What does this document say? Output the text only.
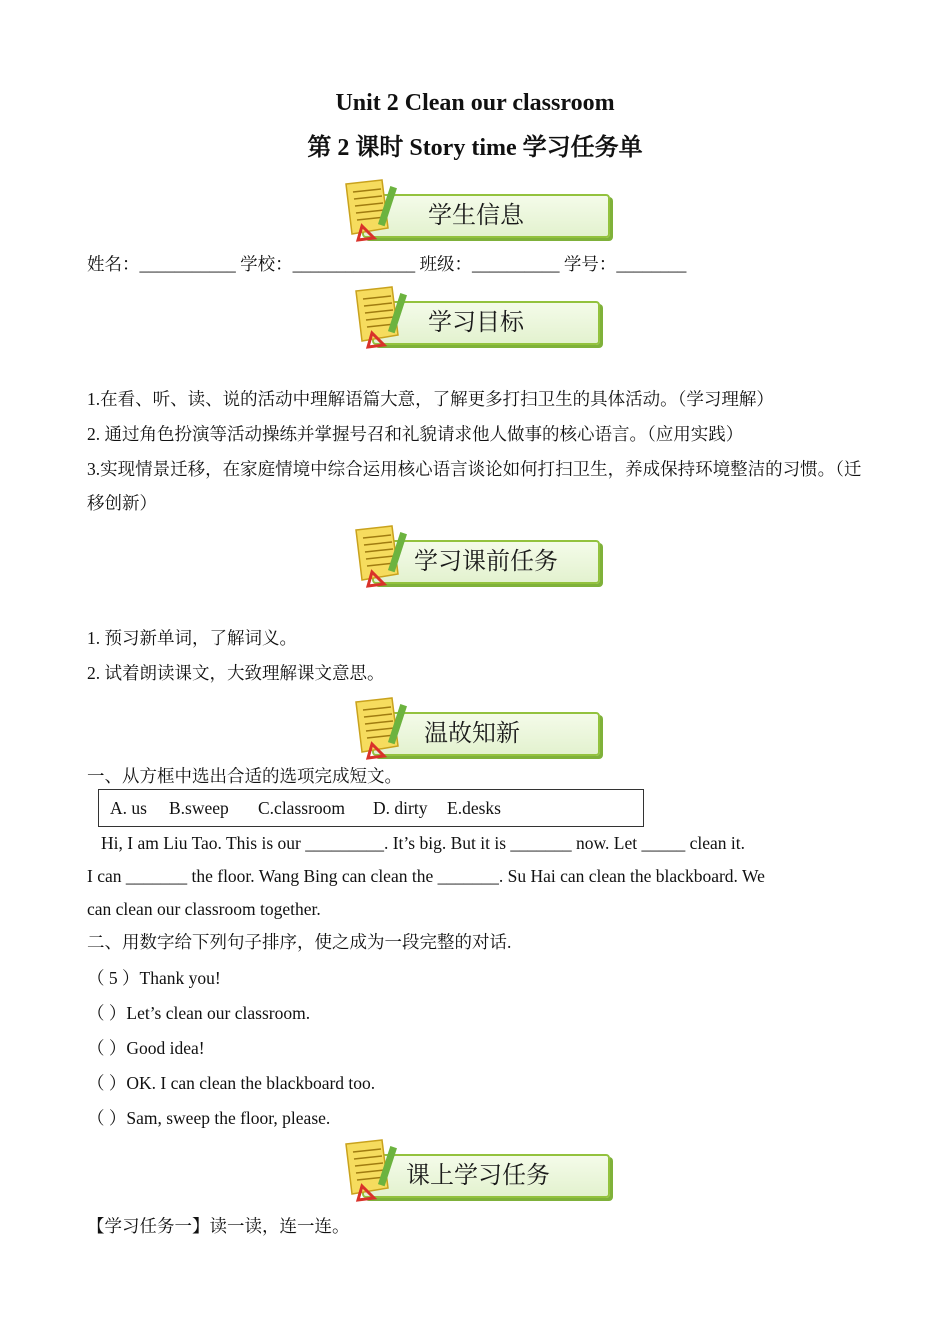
Unit 2 Clean our classroom
第 2 课时 Story time 学习任务单
学生信息
姓名：___________ 学校：______________ 班级：__________ 学号：________
学习目标
1.在看、听、读、说的活动中理解语篇大意，了解更多打扫卫生的具体活动。（学习理解）
2. 通过角色扮演等活动操练并掌握号召和礼貌请求他人做事的核心语言。（应用实践）
3.实现情景迁移，在家庭情境中综合运用核心语言谈论如何打扫卫生，养成保持环境整洁的习惯。（迁移创新）
学习课前任务
1. 预习新单词，了解词义。
2. 试着朗读课文，大致理解课文意思。
温故知新
一、从方框中选出合适的选项完成短文。
A. us B.sweep C.classroom D. dirty E.desks
Hi, I am Liu Tao. This is our _________. It’s big. But it is _______ now. Let _____ clean it.
I can _______ the floor. Wang Bing can clean the _______. Su Hai can clean the blackboard. We
can clean our classroom together.
二、用数字给下列句子排序，使之成为一段完整的对话.
（ 5 ）Thank you!
（ ）Let’s clean our classroom.
（ ）Good idea!
（ ）OK. I can clean the blackboard too.
（ ）Sam, sweep the floor, please.
课上学习任务
【学习任务一】读一读，连一连。
